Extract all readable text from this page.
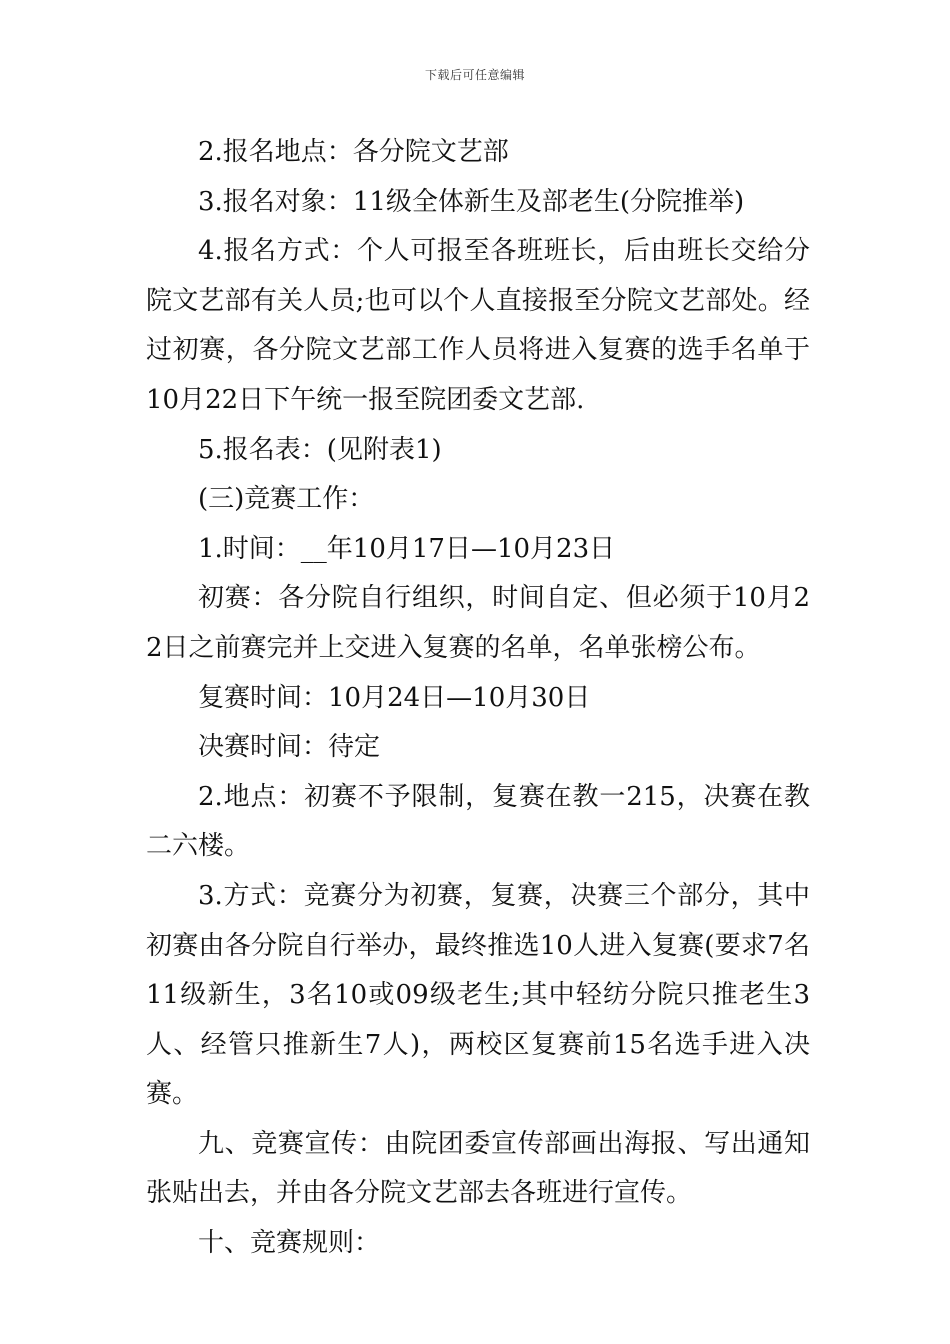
下载后可任意编辑

2.报名地点：各分院文艺部

3.报名对象：11级全体新生及部老生(分院推举)

4.报名方式：个人可报至各班班长，后由班长交给分院文艺部有关人员;也可以个人直接报至分院文艺部处。经过初赛，各分院文艺部工作人员将进入复赛的选手名单于10月22日下午统一报至院团委文艺部.

5.报名表：(见附表1)

(三)竞赛工作：

1.时间：__年10月17日—10月23日

初赛：各分院自行组织，时间自定、但必须于10月22日之前赛完并上交进入复赛的名单，名单张榜公布。

复赛时间：10月24日—10月30日

决赛时间：待定

2.地点：初赛不予限制，复赛在教一215，决赛在教二六楼。

3.方式：竞赛分为初赛，复赛，决赛三个部分，其中初赛由各分院自行举办，最终推选10人进入复赛(要求7名11级新生，3名10或09级老生;其中轻纺分院只推老生3人、经管只推新生7人)，两校区复赛前15名选手进入决赛。

九、竞赛宣传：由院团委宣传部画出海报、写出通知张贴出去，并由各分院文艺部去各班进行宣传。

十、竞赛规则：
